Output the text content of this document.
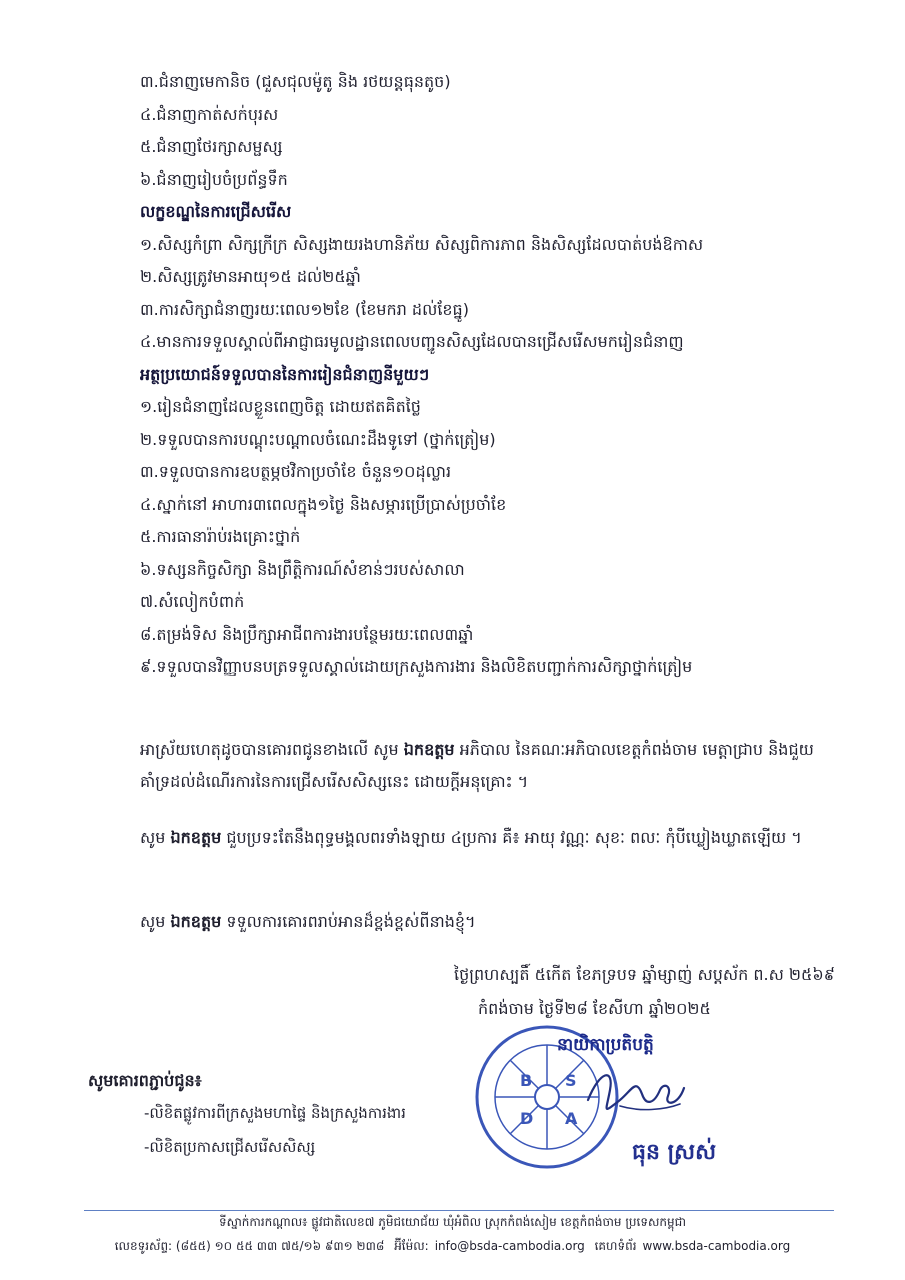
៣.ជំនាញមេកានិច (ជួសជុលម៉ូតូ និង រថយន្តធុនតូច)
៤.ជំនាញកាត់សក់បុរស
៥.ជំនាញថែរក្សាសម្ផស្ស
៦.ជំនាញរៀបចំប្រព័ន្ធទឹក
លក្ខខណ្ឌនៃការជ្រើសរើស
១.សិស្សកំព្រា សិក្សក្រីក្រ សិស្សងាយរងហានិភ័យ សិស្សពិការភាព និងសិស្សដែលបាត់បង់ឱកាស
២.សិស្សត្រូវមានអាយុ១៥ ដល់២៥ឆ្នាំ
៣.ការសិក្សាជំនាញរយៈពេល១២ខែ (ខែមករា ដល់ខែធ្នូ)
៤.មានការទទួលស្គាល់ពីអាជ្ញាធរមូលដ្ឋានពេលបញ្ជូនសិស្សដែលបានជ្រើសរើសមករៀនជំនាញ
អត្ថប្រយោជន៍ទទួលបាននៃការរៀនជំនាញនីមួយៗ
១.រៀនជំនាញដែលខ្លួនពេញចិត្ត ដោយឥតគិតថ្លៃ
២.ទទួលបានការបណ្តុះបណ្តាលចំណេះដឹងទូទៅ (ថ្នាក់ត្រៀម)
៣.ទទួលបានការឧបត្ថម្ភថវិកាប្រចាំខែ ចំនួន១០ដុល្លារ
៤.ស្នាក់នៅ អាហារ៣ពេលក្នុង១ថ្ងៃ និងសម្ភារប្រើប្រាស់ប្រចាំខែ
៥.ការធានារ៉ាប់រងគ្រោះថ្នាក់
៦.ទស្សនកិច្ចសិក្សា និងព្រឹត្តិការណ៍សំខាន់ៗរបស់សាលា
៧.សំលៀកបំពាក់
៨.តម្រង់ទិស និងប្រឹក្សាអាជីពការងារបន្ថែមរយៈពេល៣ឆ្នាំ
៩.ទទួលបានវិញ្ញាបនបត្រទទួលស្គាល់ដោយក្រសួងការងារ និងលិខិតបញ្ជាក់ការសិក្សាថ្នាក់ត្រៀម
អាស្រ័យហេតុដូចបានគោរពជូនខាងលើ សូម ឯកឧត្តម អភិបាល នៃគណៈអភិបាលខេត្តកំពង់ចាម មេត្តាជ្រាប និងជួយគាំទ្រដល់ដំណើរការនៃការជ្រើសរើសសិស្សនេះ ដោយក្តីអនុគ្រោះ ។
សូម ឯកឧត្តម ជួបប្រទះតែនឹងពុទ្ធមង្គលពរទាំងឡាយ ៤ប្រការ គឺ៖ អាយុ វណ្ណៈ សុខៈ ពលៈ កុំបីឃ្លៀងឃ្លាតឡើយ ។
សូម ឯកឧត្តម ទទួលការគោរពរាប់អានដ៏ខ្ពង់ខ្ពស់ពីនាងខ្ញុំ។
ថ្ងៃព្រហស្បតិ៍ ៥កើត ខែភទ្របទ ឆ្នាំម្សាញ់ សប្តស័ក ព.ស ២៥៦៩
កំពង់ចាម ថ្ងៃទី២៨ ខែសីហា ឆ្នាំ២០២៥
B S
D A
នាយិកាប្រតិបត្តិ
ធុន ស្រស់
សូមគោរពភ្ជាប់ជូន៖
-លិខិតផ្លូវការពីក្រសួងមហាផ្ទៃ និងក្រសួងការងារ
-លិខិតប្រកាសជ្រើសរើសសិស្ស
ទីស្នាក់ការកណ្តាល៖ ផ្លូវជាតិលេខ៧ ភូមិជយោជ័យ ឃុំអំពិល ស្រុកកំពង់សៀម ខេត្តកំពង់ចាម ប្រទេសកម្ពុជា
លេខទូរស័ព្ទ: (៨៥៥) ១០ ៥៥ ៣៣ ៧៥/១៦ ៩៣១ ២៣៨ អ៊ីម៉ែល: info@bsda-cambodia.org គេហទំព័រ www.bsda-cambodia.org
